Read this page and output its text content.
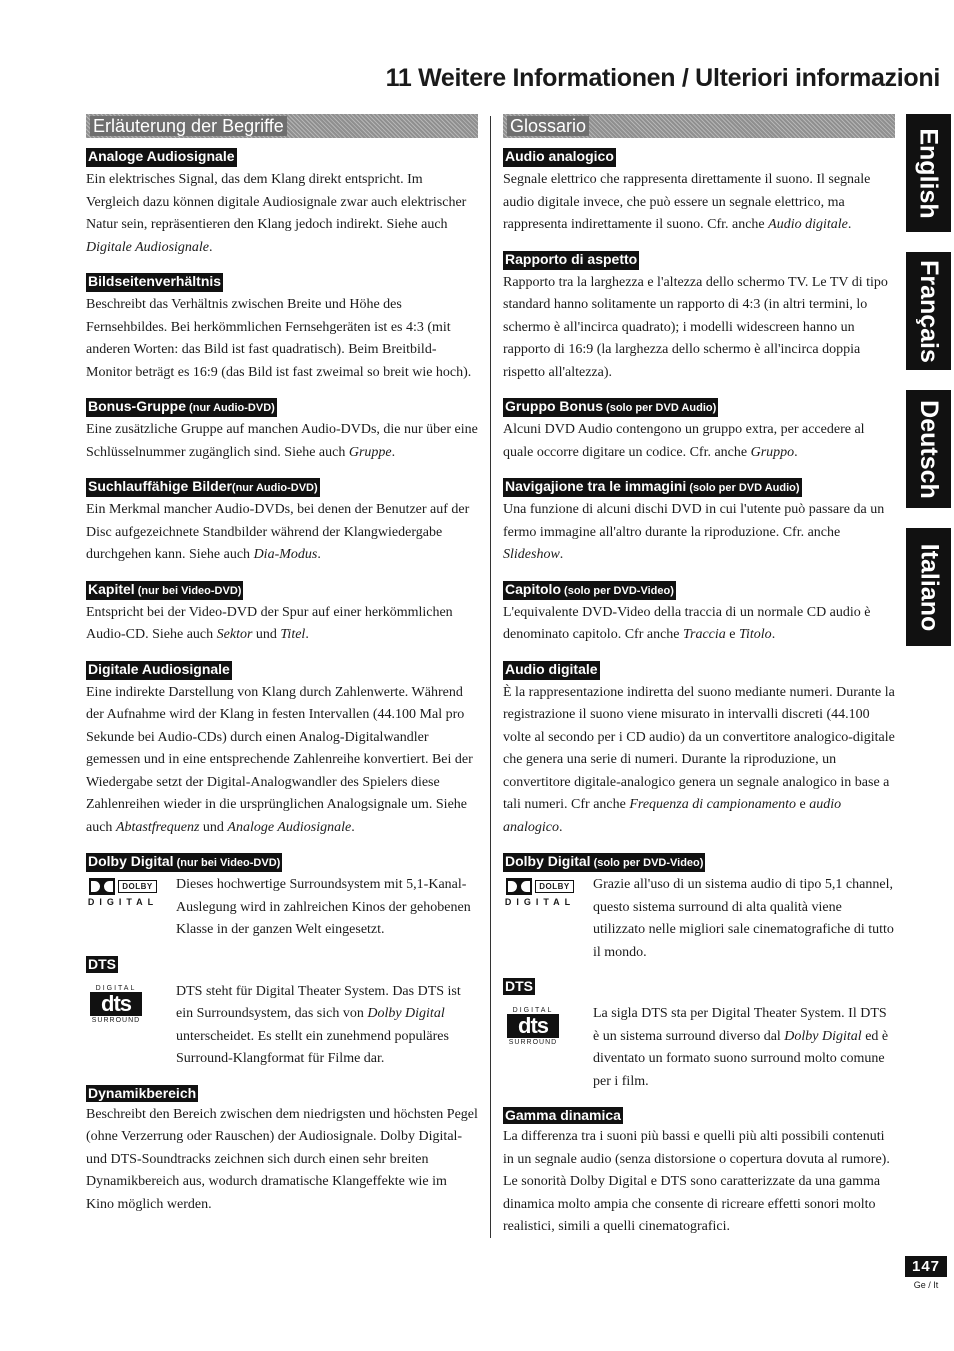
11 Weitere Informationen / Ulteriori informazioni
Erläuterung der Begriffe
Analoge Audiosignale

Ein elektrisches Signal, das dem Klang direkt entspricht. Im Vergleich dazu können digitale Audiosignale zwar auch elektrischer Natur sein, repräsentieren den Klang jedoch indirekt. Siehe auch Digitale Audiosignale.

Bildseitenverhältnis

Beschreibt das Verhältnis zwischen Breite und Höhe des Fernsehbildes. Bei herkömmlichen Fernsehgeräten ist es 4:3 (mit anderen Worten: das Bild ist fast quadratisch). Beim Breitbild-Monitor beträgt es 16:9 (das Bild ist fast zweimal so breit wie hoch).

Bonus-Gruppe (nur Audio-DVD)

Eine zusätzliche Gruppe auf manchen Audio-DVDs, die nur über eine Schlüsselnummer zugänglich sind. Siehe auch Gruppe.

Suchlauffähige Bilder(nur Audio-DVD)

Ein Merkmal mancher Audio-DVDs, bei denen der Benutzer auf der Disc aufgezeichnete Standbilder während der Klangwiedergabe durchgehen kann. Siehe auch Dia-Modus.

Kapitel (nur bei Video-DVD)

Entspricht bei der Video-DVD der Spur auf einer herkömmlichen Audio-CD. Siehe auch Sektor und Titel.

Digitale Audiosignale

Eine indirekte Darstellung von Klang durch Zahlenwerte. Während der Aufnahme wird der Klang in festen Intervallen (44.100 Mal pro Sekunde bei Audio-CDs) durch einen Analog-Digitalwandler gemessen und in eine entsprechende Zahlenreihe konvertiert. Bei der Wiedergabe setzt der Digital-Analogwandler des Spielers diese Zahlenreihen wieder in die ursprünglichen Analogsignale um. Siehe auch Abtastfrequenz und Analoge Audiosignale.

Dolby Digital (nur bei Video-DVD)
DOLBY
DIGITAL

Dieses hochwertige Surroundsystem mit 5,1-Kanal-Auslegung wird in zahlreichen Kinos der gehobenen Klasse in der ganzen Welt eingesetzt.

DTS
DIGITAL
dts
SURROUND

DTS steht für Digital Theater System. Das DTS ist ein Surroundsystem, das sich von Dolby Digital unterscheidet. Es stellt ein zunehmend populäres Surround-Klangformat für Filme dar.

Dynamikbereich

Beschreibt den Bereich zwischen dem niedrigsten und höchsten Pegel (ohne Verzerrung oder Rauschen) der Audiosignale. Dolby Digital- und DTS-Soundtracks zeichnen sich durch einen sehr breiten Dynamikbereich aus, wodurch dramatische Klangeffekte wie im Kino möglich werden.

Glossario
Audio analogico

Segnale elettrico che rappresenta direttamente il suono. Il segnale audio digitale invece, che può essere un segnale elettrico, ma rappresenta indirettamente il suono. Cfr. anche Audio digitale.

Rapporto di aspetto

Rapporto tra la larghezza e l'altezza dello schermo TV. Le TV di tipo standard hanno solitamente un rapporto di 4:3 (in altri termini, lo schermo è all'incirca quadrato); i modelli widescreen hanno un rapporto di 16:9 (la larghezza dello schermo è all'incirca doppia rispetto all'altezza).

Gruppo Bonus (solo per DVD Audio)

Alcuni DVD Audio contengono un gruppo extra, per accedere al quale occorre digitare un codice. Cfr. anche Gruppo.

Navigajione tra le immagini (solo per DVD Audio)

Una funzione di alcuni dischi DVD in cui l'utente può passare da un fermo immagine all'altro durante la riproduzione. Cfr. anche Slideshow.

Capitolo (solo per DVD-Video)

L'equivalente DVD-Video della traccia di un normale CD audio è denominato capitolo. Cfr anche Traccia e Titolo.

Audio digitale

È la rappresentazione indiretta del suono mediante numeri. Durante la registrazione il suono viene misurato in intervalli discreti (44.100 volte al secondo per i CD audio) da un convertitore analogico-digitale che genera una serie di numeri. Durante la riproduzione, un convertitore digitale-analogico genera un segnale analogico in base a tali numeri. Cfr anche Frequenza di campionamento e audio analogico.

Dolby Digital (solo per DVD-Video)
DOLBY
DIGITAL

Grazie all'uso di un sistema audio di tipo 5,1 channel, questo sistema surround di alta qualità viene utilizzato nelle migliori sale cinematografiche di tutto il mondo.

DTS
DIGITAL
dts
SURROUND

La sigla DTS sta per Digital Theater System. Il DTS è un sistema surround diverso dal Dolby Digital ed è diventato un formato suono surround molto comune per i film.

Gamma dinamica

La differenza tra i suoni più bassi e quelli più alti possibili contenuti in un segnale audio (senza distorsione o copertura dovuta al rumore). Le sonorità Dolby Digital e DTS sono caratterizzate da una gamma dinamica molto ampia che consente di ricreare effetti sonori molto realistici, simili a quelli cinematografici.

English
Français
Deutsch
Italiano
147
Ge / It
